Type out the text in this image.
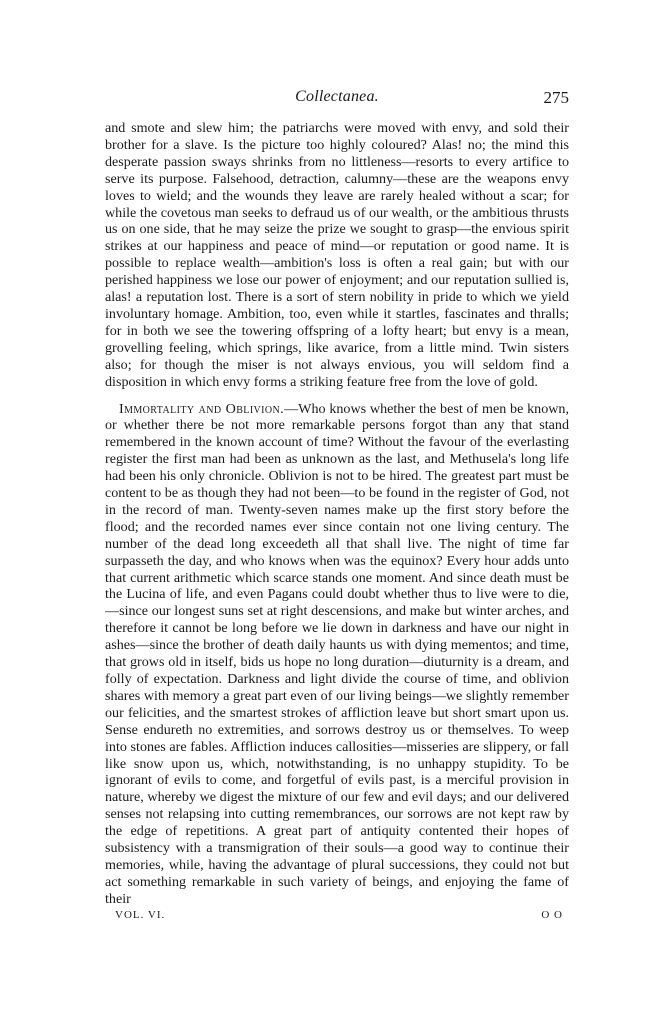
Collectanea.	275

and smote and slew him; the patriarchs were moved with envy, and sold their brother for a slave. Is the picture too highly coloured? Alas! no; the mind this desperate passion sways shrinks from no littleness—resorts to every artifice to serve its purpose. Falsehood, detraction, calumny—these are the weapons envy loves to wield; and the wounds they leave are rarely healed without a scar; for while the covetous man seeks to defraud us of our wealth, or the ambitious thrusts us on one side, that he may seize the prize we sought to grasp—the envious spirit strikes at our happiness and peace of mind—or reputation or good name. It is possible to replace wealth—ambition's loss is often a real gain; but with our perished happiness we lose our power of enjoyment; and our reputation sullied is, alas! a reputation lost. There is a sort of stern nobility in pride to which we yield involuntary homage. Ambition, too, even while it startles, fascinates and thralls; for in both we see the towering offspring of a lofty heart; but envy is a mean, grovelling feeling, which springs, like avarice, from a little mind. Twin sisters also; for though the miser is not always envious, you will seldom find a disposition in which envy forms a striking feature free from the love of gold.

Immortality and Oblivion.—Who knows whether the best of men be known, or whether there be not more remarkable persons forgot than any that stand remembered in the known account of time? Without the favour of the everlasting register the first man had been as unknown as the last, and Methusela's long life had been his only chronicle. Oblivion is not to be hired. The greatest part must be content to be as though they had not been—to be found in the register of God, not in the record of man. Twenty-seven names make up the first story before the flood; and the recorded names ever since contain not one living century. The number of the dead long exceedeth all that shall live. The night of time far surpasseth the day, and who knows when was the equinox? Every hour adds unto that current arithmetic which scarce stands one moment. And since death must be the Lucina of life, and even Pagans could doubt whether thus to live were to die,—since our longest suns set at right descensions, and make but winter arches, and therefore it cannot be long before we lie down in darkness and have our night in ashes—since the brother of death daily haunts us with dying mementos; and time, that grows old in itself, bids us hope no long duration—diuturnity is a dream, and folly of expectation. Darkness and light divide the course of time, and oblivion shares with memory a great part even of our living beings—we slightly remember our felicities, and the smartest strokes of affliction leave but short smart upon us. Sense endureth no extremities, and sorrows destroy us or themselves. To weep into stones are fables. Affliction induces callosities—misseries are slippery, or fall like snow upon us, which, notwithstanding, is no unhappy stupidity. To be ignorant of evils to come, and forgetful of evils past, is a merciful provision in nature, whereby we digest the mixture of our few and evil days; and our delivered senses not relapsing into cutting remembrances, our sorrows are not kept raw by the edge of repetitions. A great part of antiquity contented their hopes of subsistency with a transmigration of their souls—a good way to continue their memories, while, having the advantage of plural successions, they could not but act something remarkable in such variety of beings, and enjoying the fame of their

VOL. VI.	O O
